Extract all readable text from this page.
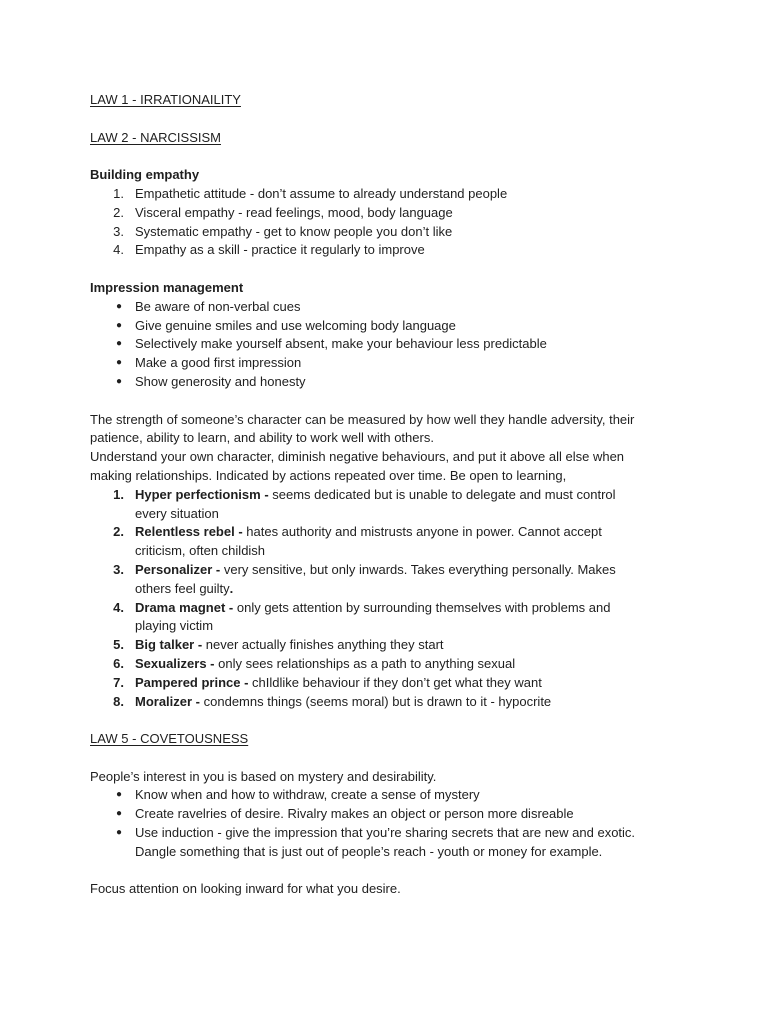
LAW 1 - IRRATIONAILITY

LAW 2 - NARCISSISM

Building empathy

1. Empathetic attitude - don’t assume to already understand people
2. Visceral empathy - read feelings, mood, body language
3. Systematic empathy - get to know people you don’t like
4. Empathy as a skill - practice it regularly to improve

Impression management

● Be aware of non-verbal cues
● Give genuine smiles and use welcoming body language
● Selectively make yourself absent, make your behaviour less predictable
● Make a good first impression
● Show generosity and honesty

The strength of someone’s character can be measured by how well they handle adversity, their

patience, ability to learn, and ability to work well with others.

Understand your own character, diminish negative behaviours, and put it above all else when

making relationships. Indicated by actions repeated over time. Be open to learning,

1. Hyper perfectionism - seems dedicated but is unable to delegate and must control
every situation
2. Relentless rebel - hates authority and mistrusts anyone in power. Cannot accept
criticism, often childish
3. Personalizer - very sensitive, but only inwards. Takes everything personally. Makes
others feel guilty.
4. Drama magnet - only gets attention by surrounding themselves with problems and
playing victim
5. Big talker - never actually finishes anything they start
6. Sexualizers - only sees relationships as a path to anything sexual
7. Pampered prince - chIldlike behaviour if they don’t get what they want
8. Moralizer - condemns things (seems moral) but is drawn to it - hypocrite

LAW 5 - COVETOUSNESS

People’s interest in you is based on mystery and desirability.

● Know when and how to withdraw, create a sense of mystery
● Create ravelries of desire. Rivalry makes an object or person more disreable
● Use induction - give the impression that you’re sharing secrets that are new and exotic.
Dangle something that is just out of people’s reach - youth or money for example.

Focus attention on looking inward for what you desire.
